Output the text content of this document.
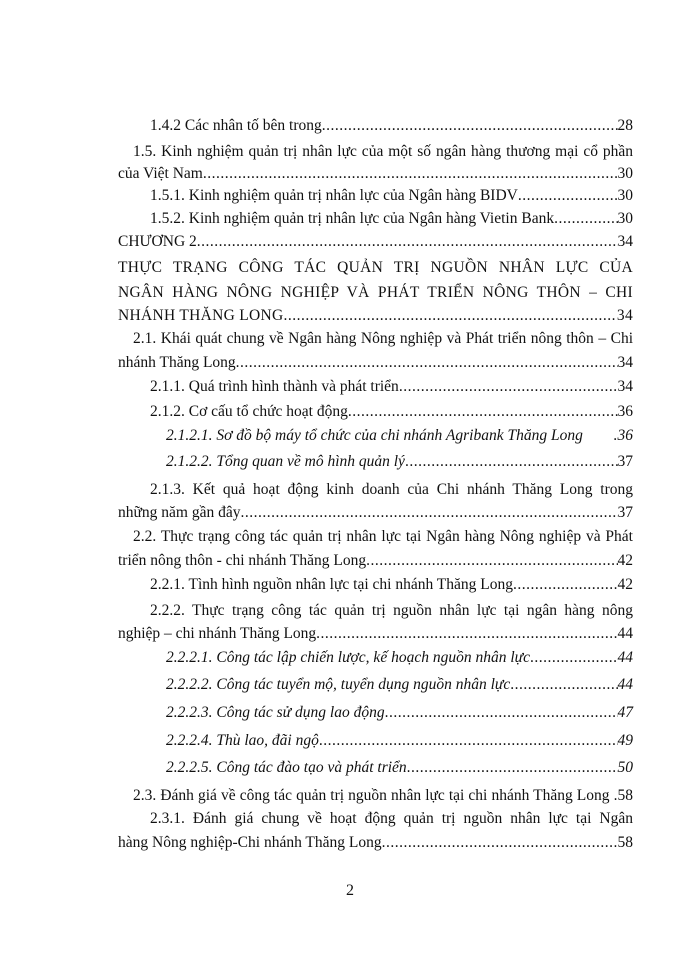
1.4.2 Các nhân tố bên trong .....	28
1.5. Kinh nghiệm quản trị nhân lực của một số ngân hàng thương mại cổ phần
của Việt Nam .....	30
1.5.1. Kinh nghiệm quản trị nhân lực của Ngân hàng BIDV .....	30
1.5.2. Kinh nghiệm quản trị nhân lực của Ngân hàng Vietin Bank .....	30
CHƯƠNG 2 .....	34
THỰC TRẠNG CÔNG TÁC QUẢN TRỊ NGUỒN NHÂN LỰC CỦA
NGÂN HÀNG NÔNG NGHIỆP VÀ PHÁT TRIỂN NÔNG THÔN – CHI
NHÁNH THĂNG LONG .....	34
2.1. Khái quát chung về Ngân hàng Nông nghiệp và Phát triển nông thôn – Chi
nhánh Thăng Long .....	34
2.1.1. Quá trình hình thành và phát triển .....	34
2.1.2. Cơ cấu tổ chức hoạt động .....	36
2.1.2.1. Sơ đồ bộ máy tổ chức của chi nhánh Agribank Thăng Long .36
2.1.2.2. Tổng quan về mô hình quản lý .....	37
2.1.3. Kết quả hoạt động kinh doanh của Chi nhánh Thăng Long trong
những năm gần đây .....	37
2.2. Thực trạng công tác quản trị nhân lực tại Ngân hàng Nông nghiệp và Phát
triển nông thôn - chi nhánh Thăng Long .....	42
2.2.1. Tình hình nguồn nhân lực tại chi nhánh Thăng Long .....	42
2.2.2. Thực trạng công tác quản trị nguồn nhân lực tại ngân hàng nông
nghiệp – chi nhánh Thăng Long .....	44
2.2.2.1. Công tác lập chiến lược, kế hoạch nguồn nhân lực .....	44
2.2.2.2. Công tác tuyển mộ, tuyển dụng nguồn nhân lực .....	44
2.2.2.3. Công tác sử dụng lao động .....	47
2.2.2.4. Thù lao, đãi ngộ .....	49
2.2.2.5. Công tác đào tạo và phát triển .....	50
2.3. Đánh giá về công tác quản trị nguồn nhân lực tại chi nhánh Thăng Long .58
2.3.1. Đánh giá chung về hoạt động quản trị nguồn nhân lực tại Ngân
hàng Nông nghiệp-Chi nhánh Thăng Long .....	58
2
